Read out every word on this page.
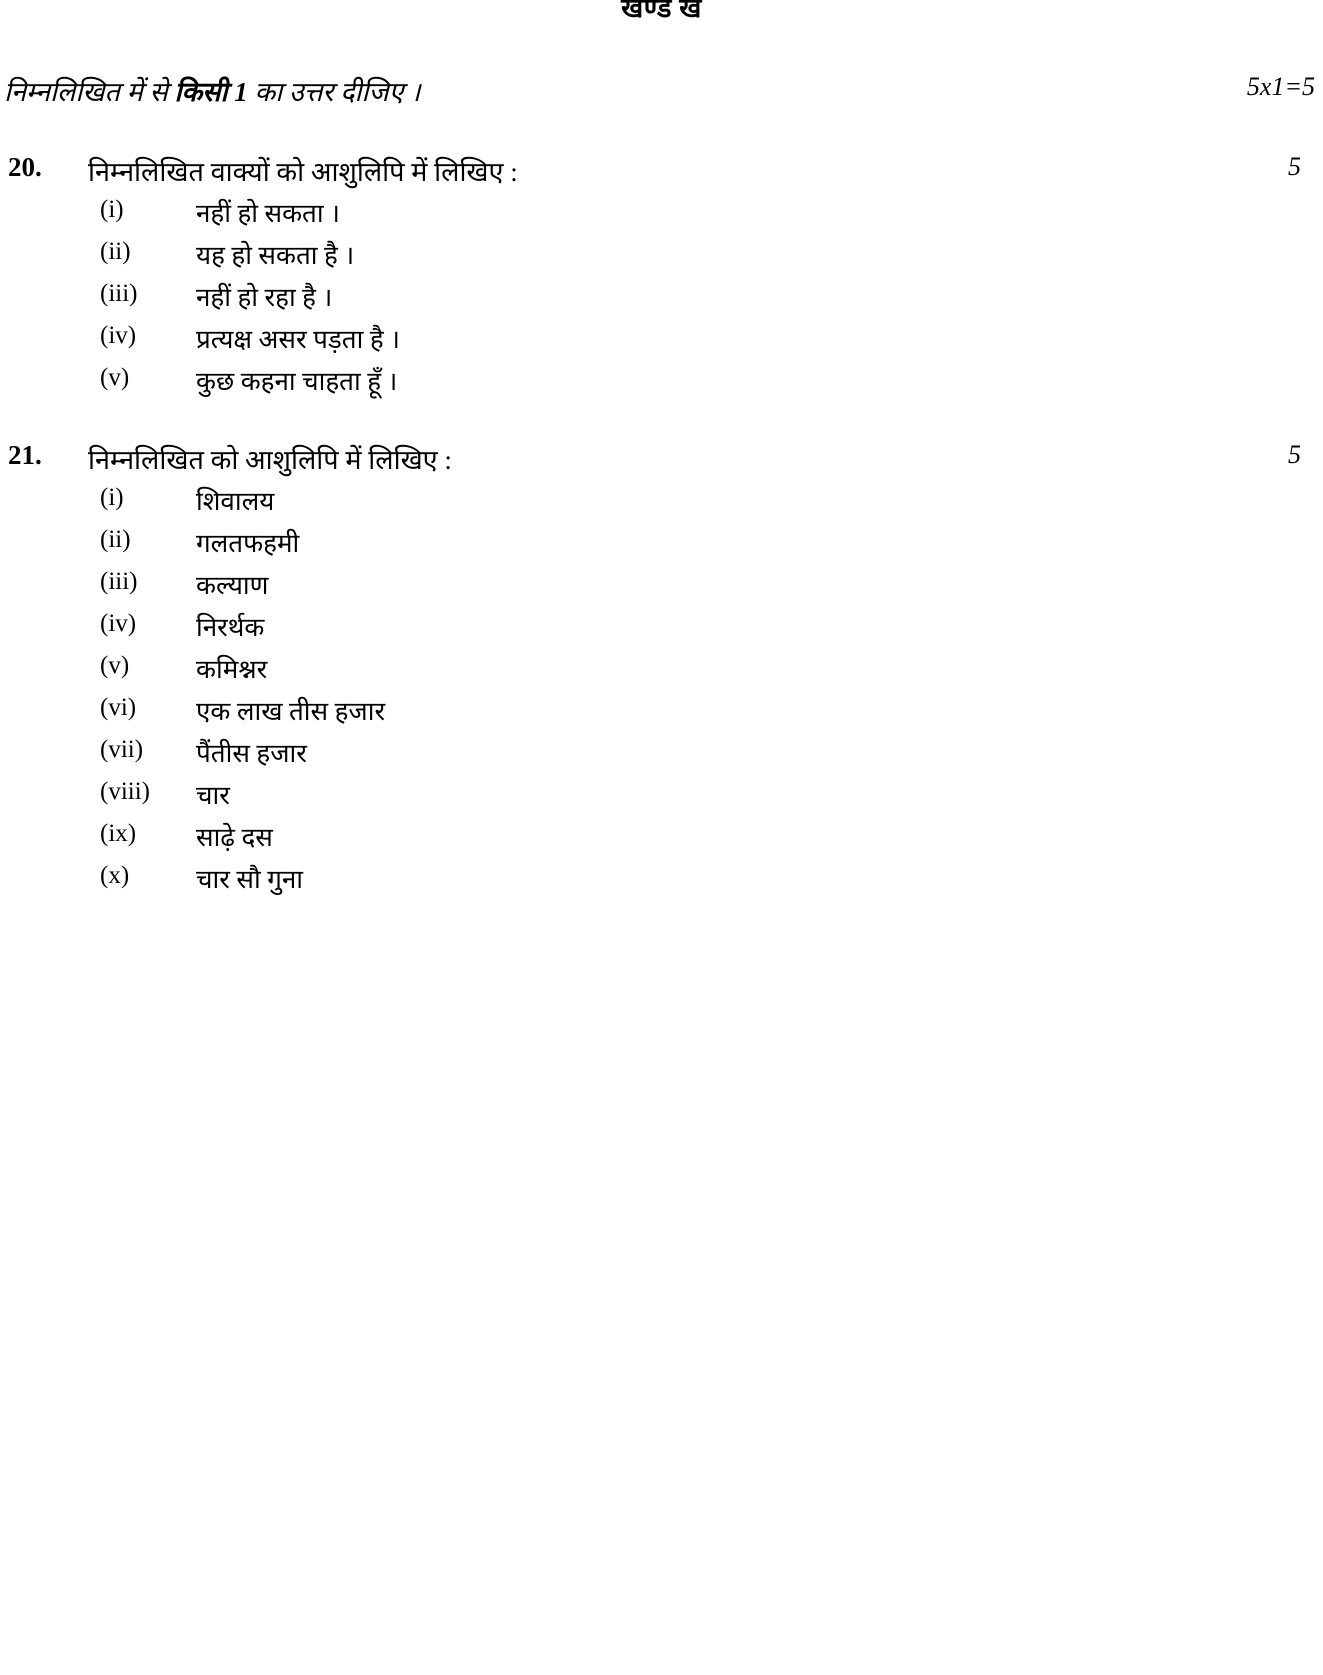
खण्ड ख
निम्नलिखित में से किसी 1 का उत्तर दीजिए ।	5x1=5
20. निम्नलिखित वाक्यों को आशुलिपि में लिखिए :	5
(i)	नहीं हो सकता ।
(ii)	यह हो सकता है ।
(iii)	नहीं हो रहा है ।
(iv)	प्रत्यक्ष असर पड़ता है ।
(v)	कुछ कहना चाहता हूँ ।
21. निम्नलिखित को आशुलिपि में लिखिए :	5
(i)	शिवालय
(ii)	गलतफहमी
(iii)	कल्याण
(iv)	निरर्थक
(v)	कमिश्नर
(vi)	एक लाख तीस हजार
(vii)	पैंतीस हजार
(viii)	चार
(ix)	साढ़े दस
(x)	चार सौ गुना
